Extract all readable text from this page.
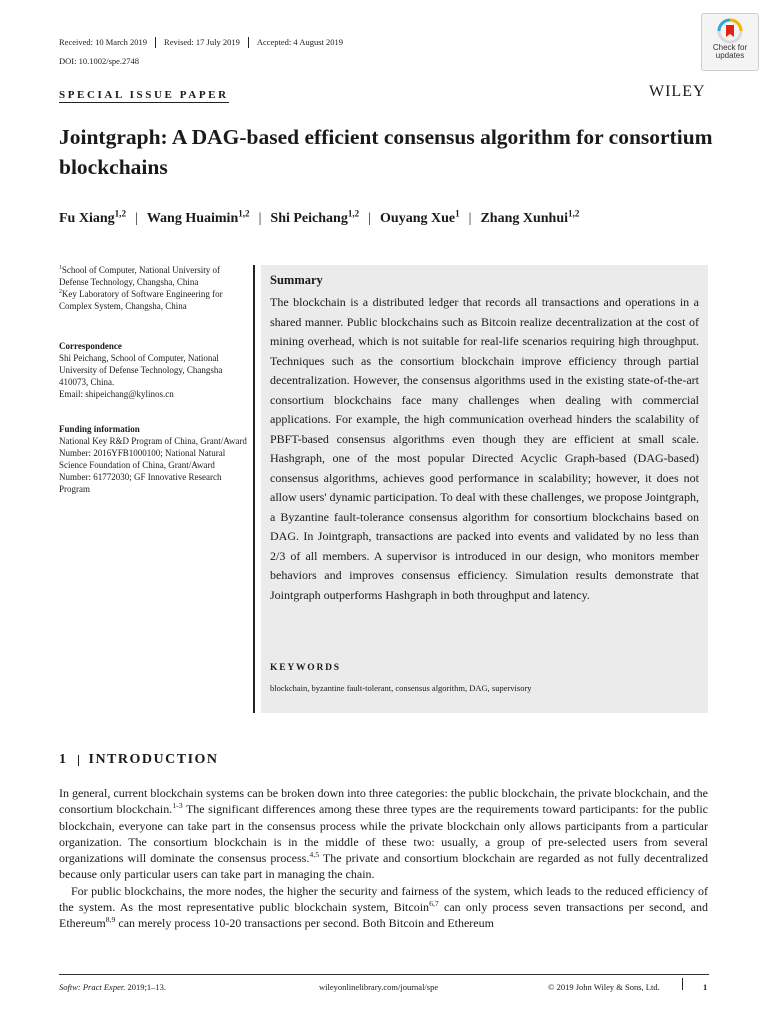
Received: 10 March 2019	Revised: 17 July 2019	Accepted: 4 August 2019
DOI: 10.1002/spe.2748
Check for updates
WILEY
SPECIAL ISSUE PAPER
Jointgraph: A DAG-based efficient consensus algorithm for consortium blockchains
Fu Xiang$^{1,2}$ | Wang Huaimin$^{1,2}$ | Shi Peichang$^{1,2}$ | Ouyang Xue$^1$ | Zhang Xunhui$^{1,2}$

$^1$School of Computer, National University of Defense Technology, Changsha, China

$^2$Key Laboratory of Software Engineering for Complex System, Changsha, China

Correspondence

Shi Peichang, School of Computer, National University of Defense Technology, Changsha 410073, China.

Email: shipeichang@kylinos.cn

Funding information

National Key R&D Program of China, Grant/Award Number: 2016YFB1000100; National Natural Science Foundation of China, Grant/Award Number: 61772030; GF Innovative Research Program

Summary
The blockchain is a distributed ledger that records all transactions and operations in a shared manner. Public blockchains such as Bitcoin realize decentralization at the cost of mining overhead, which is not suitable for real-life scenarios requiring high throughput. Techniques such as the consortium blockchain improve efficiency through partial decentralization. However, the consensus algorithms used in the existing state-of-the-art consortium blockchains face many challenges when dealing with commercial applications. For example, the high communication overhead hinders the scalability of PBFT-based consensus algorithms even though they are efficient at small scale. Hashgraph, one of the most popular Directed Acyclic Graph-based (DAG-based) consensus algorithms, achieves good performance in scalability; however, it does not allow users' dynamic participation. To deal with these challenges, we propose Jointgraph, a Byzantine fault-tolerance consensus algorithm for consortium blockchains based on DAG. In Jointgraph, transactions are packed into events and validated by no less than 2/3 of all members. A supervisor is introduced in our design, who monitors member behaviors and improves consensus efficiency. Simulation results demonstrate that Jointgraph outperforms Hashgraph in both throughput and latency.
KEYWORDS
blockchain, byzantine fault-tolerant, consensus algorithm, DAG, supervisory
1 INTRODUCTION

In general, current blockchain systems can be broken down into three categories: the public blockchain, the private blockchain, and the consortium blockchain.$^{1-3}$ The significant differences among these three types are the requirements toward participants: for the public blockchain, everyone can take part in the consensus process while the private blockchain only allows participants from a particular organization. The consortium blockchain is in the middle of these two: usually, a group of pre-selected users from several organizations will dominate the consensus process.$^{4,5}$ The private and consortium blockchain are regarded as not fully decentralized because only particular users can take part in managing the chain.

For public blockchains, the more nodes, the higher the security and fairness of the system, which leads to the reduced efficiency of the system. As the most representative public blockchain system, Bitcoin$^{6,7}$ can only process seven transactions per second, and Ethereum$^{8,9}$ can merely process 10-20 transactions per second. Both Bitcoin and Ethereum

Softw: Pract Exper. 2019;1–13.	wileyonlinelibrary.com/journal/spe	© 2019 John Wiley & Sons, Ltd.	1
